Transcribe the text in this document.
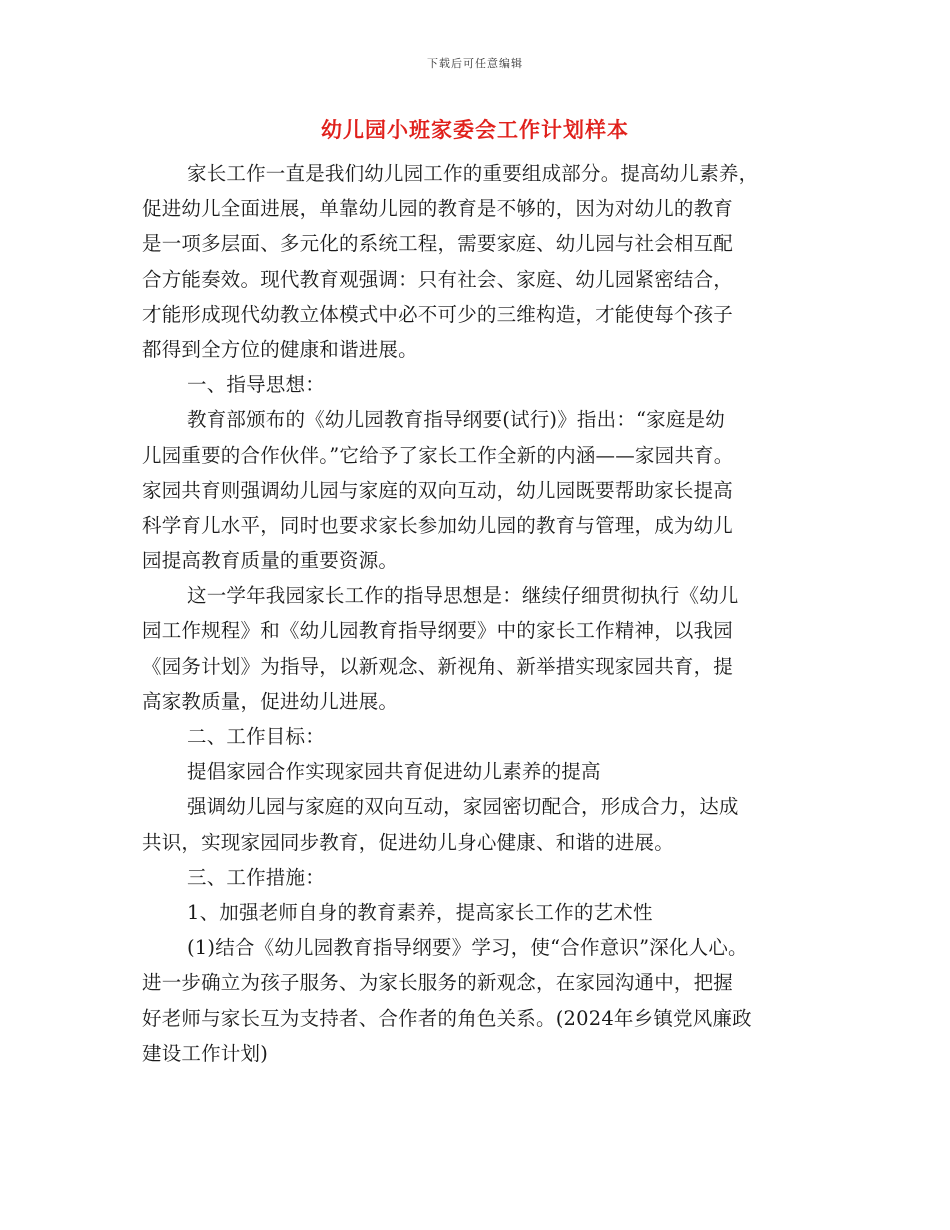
下载后可任意编辑
幼儿园小班家委会工作计划样本
家长工作一直是我们幼儿园工作的重要组成部分。提高幼儿素养，
促进幼儿全面进展，单靠幼儿园的教育是不够的，因为对幼儿的教育
是一项多层面、多元化的系统工程，需要家庭、幼儿园与社会相互配
合方能奏效。现代教育观强调：只有社会、家庭、幼儿园紧密结合，
才能形成现代幼教立体模式中必不可少的三维构造，才能使每个孩子
都得到全方位的健康和谐进展。
一、指导思想：
教育部颁布的《幼儿园教育指导纲要(试行)》指出：“家庭是幼
儿园重要的合作伙伴。”它给予了家长工作全新的内涵——家园共育。
家园共育则强调幼儿园与家庭的双向互动，幼儿园既要帮助家长提高
科学育儿水平，同时也要求家长参加幼儿园的教育与管理，成为幼儿
园提高教育质量的重要资源。
这一学年我园家长工作的指导思想是：继续仔细贯彻执行《幼儿
园工作规程》和《幼儿园教育指导纲要》中的家长工作精神，以我园
《园务计划》为指导，以新观念、新视角、新举措实现家园共育，提
高家教质量，促进幼儿进展。
二、工作目标：
提倡家园合作实现家园共育促进幼儿素养的提高
强调幼儿园与家庭的双向互动，家园密切配合，形成合力，达成
共识，实现家园同步教育，促进幼儿身心健康、和谐的进展。
三、工作措施：
1、加强老师自身的教育素养，提高家长工作的艺术性
(1)结合《幼儿园教育指导纲要》学习，使“合作意识”深化人心。
进一步确立为孩子服务、为家长服务的新观念，在家园沟通中，把握
好老师与家长互为支持者、合作者的角色关系。(2024年乡镇党风廉政
建设工作计划)
